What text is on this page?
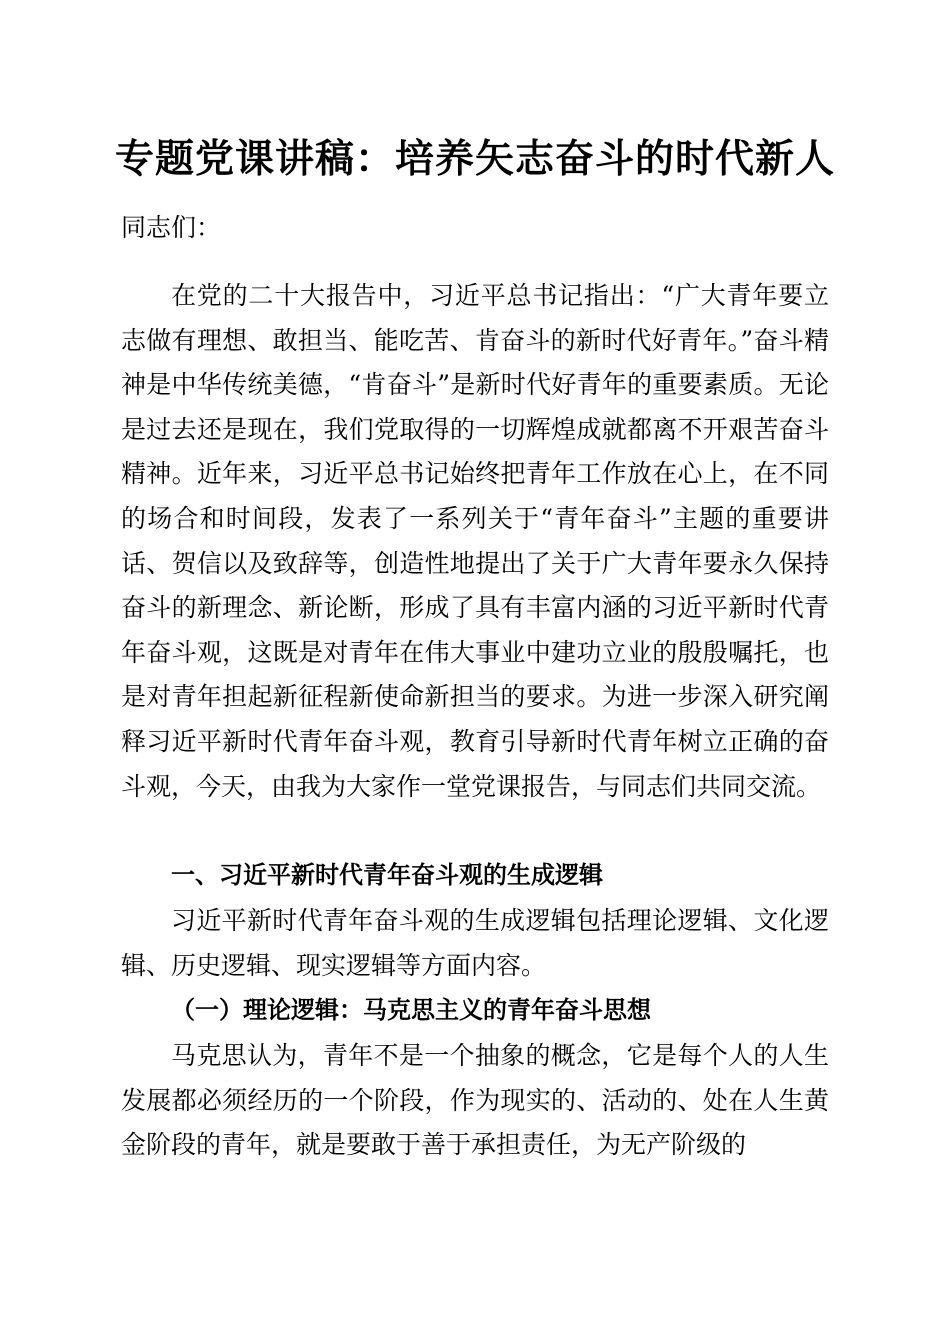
专题党课讲稿：培养矢志奋斗的时代新人
同志们：

在党的二十大报告中，习近平总书记指出：“广大青年要立志做有理想、敢担当、能吃苦、肯奋斗的新时代好青年。”奋斗精神是中华传统美德，“肯奋斗”是新时代好青年的重要素质。无论是过去还是现在，我们党取得的一切辉煌成就都离不开艰苦奋斗精神。近年来，习近平总书记始终把青年工作放在心上，在不同的场合和时间段，发表了一系列关于“青年奋斗”主题的重要讲话、贺信以及致辞等，创造性地提出了关于广大青年要永久保持奋斗的新理念、新论断，形成了具有丰富内涵的习近平新时代青年奋斗观，这既是对青年在伟大事业中建功立业的殷殷嘱托，也是对青年担起新征程新使命新担当的要求。为进一步深入研究阐释习近平新时代青年奋斗观，教育引导新时代青年树立正确的奋斗观，今天，由我为大家作一堂党课报告，与同志们共同交流。

一、习近平新时代青年奋斗观的生成逻辑

习近平新时代青年奋斗观的生成逻辑包括理论逻辑、文化逻辑、历史逻辑、现实逻辑等方面内容。

（一）理论逻辑：马克思主义的青年奋斗思想

马克思认为，青年不是一个抽象的概念，它是每个人的人生发展都必须经历的一个阶段，作为现实的、活动的、处在人生黄金阶段的青年，就是要敢于善于承担责任，为无产阶级的
